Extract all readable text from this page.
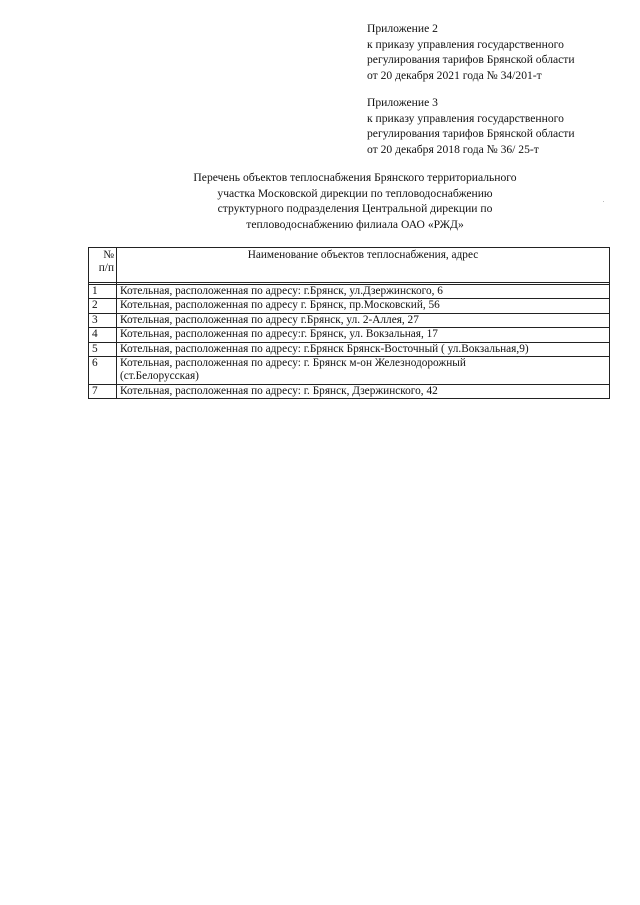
Приложение 2
к приказу управления государственного
регулирования тарифов Брянской области
от 20 декабря 2021 года № 34/201-т
Приложение 3
к приказу управления государственного
регулирования тарифов Брянской области
от 20 декабря 2018 года № 36/ 25-т
Перечень объектов теплоснабжения Брянского территориального
участка Московской дирекции по тепловодоснабжению
структурного подразделения Центральной дирекции по
тепловодоснабжению филиала ОАО «РЖД»
№
п/п	Наименование объектов теплоснабжения, адрес

1	Котельная, расположенная по адресу: г.Брянск, ул.Дзержинского, 6
2	Котельная, расположенная по адресу г. Брянск, пр.Московский, 56
3	Котельная, расположенная по адресу г.Брянск, ул. 2-Аллея, 27
4	Котельная, расположенная по адресу:г. Брянск, ул. Вокзальная, 17
5	Котельная, расположенная по адресу: г.Брянск Брянск-Восточный ( ул.Вокзальная,9)
6	Котельная, расположенная по адресу: г. Брянск м-он Железнодорожный
(ст.Белорусская)

7	Котельная, расположенная по адресу: г. Брянск, Дзержинского, 42
